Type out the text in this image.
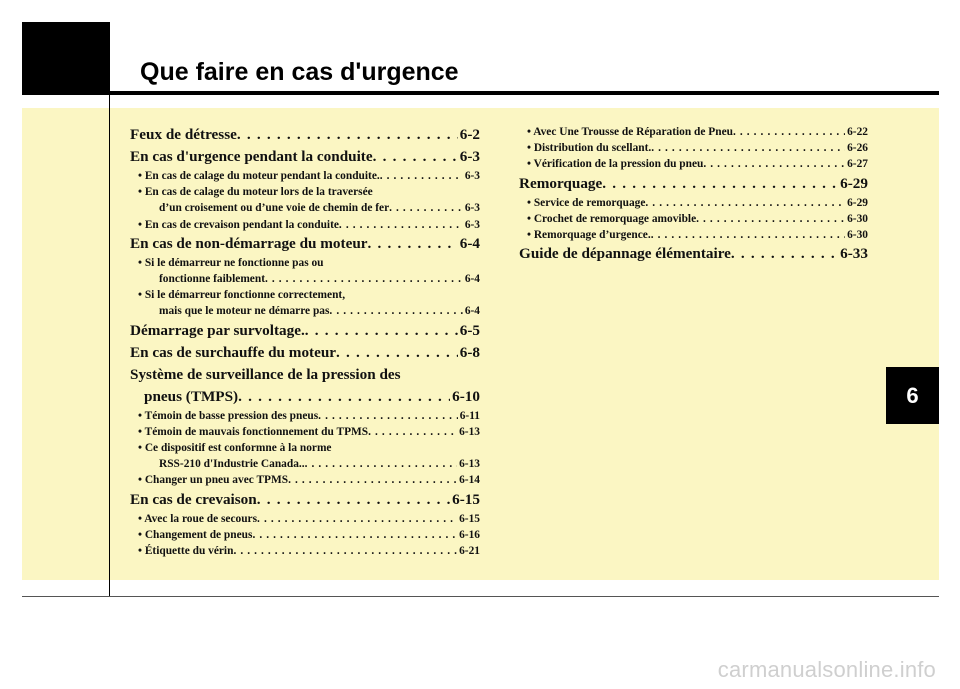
Que faire en cas d'urgence
Feux de détresse . . .	6-2
En cas d'urgence pendant la conduite . . .	6-3
• En cas de calage du moteur pendant la conduite. . . .	6-3
• En cas de calage du moteur lors de la traversée
d’un croisement ou d’une voie de chemin de fer . . .	6-3
• En cas de crevaison pendant la conduite . . .	6-3
En cas de non-démarrage du moteur . . .	6-4
• Si le démarreur ne fonctionne pas ou
fonctionne faiblement . . .	6-4
• Si le démarreur fonctionne correctement,
mais que le moteur ne démarre pas . . .	6-4
Démarrage par survoltage. . . .	6-5
En cas de surchauffe du moteur . . .	6-8
Système de surveillance de la pression des
pneus (TMPS) . . .	6-10
• Témoin de basse pression des pneus . . .	6-11
• Témoin de mauvais fonctionnement du TPMS . . .	6-13
• Ce dispositif est conformne à la norme
RSS-210 d'Industrie Canada.. . . .	6-13
• Changer un pneu avec TPMS . . .	6-14
En cas de crevaison . . .	6-15
• Avec la roue de secours . . .	6-15
• Changement de pneus . . .	6-16
• Étiquette du vérin . . .	6-21
• Avec Une Trousse de Réparation de Pneu . . .	6-22
• Distribution du scellant. . . .	6-26
• Vérification de la pression du pneu . . .	6-27
Remorquage . . .	6-29
• Service de remorquage . . .	6-29
• Crochet de remorquage amovible . . .	6-30
• Remorquage d’urgence. . . .	6-30
Guide de dépannage élémentaire . . .	6-33
6
carmanualsonline.info
